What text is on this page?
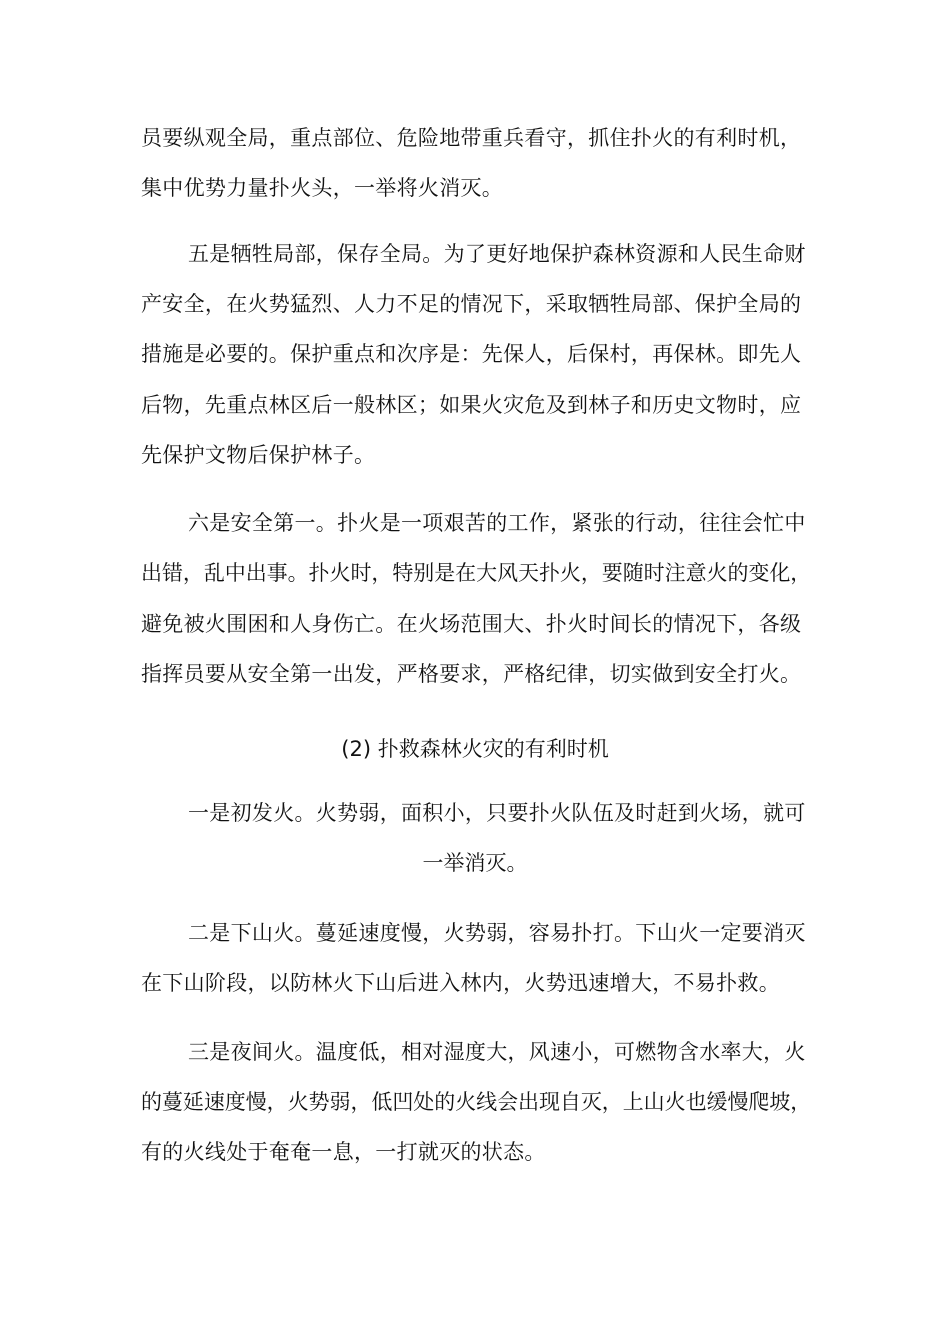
员要纵观全局，重点部位、危险地带重兵看守，抓住扑火的有利时机，
集中优势力量扑火头，一举将火消灭。
五是牺牲局部，保存全局。为了更好地保护森林资源和人民生命财
产安全，在火势猛烈、人力不足的情况下，采取牺牲局部、保护全局的
措施是必要的。保护重点和次序是：先保人，后保村，再保林。即先人
后物，先重点林区后一般林区；如果火灾危及到林子和历史文物时，应
先保护文物后保护林子。
六是安全第一。扑火是一项艰苦的工作，紧张的行动，往往会忙中
出错，乱中出事。扑火时，特别是在大风天扑火，要随时注意火的变化，
避免被火围困和人身伤亡。在火场范围大、扑火时间长的情况下，各级
指挥员要从安全第一出发，严格要求，严格纪律，切实做到安全打火。
(2) 扑救森林火灾的有利时机
一是初发火。火势弱，面积小，只要扑火队伍及时赶到火场，就可
一举消灭。
二是下山火。蔓延速度慢，火势弱，容易扑打。下山火一定要消灭
在下山阶段，以防林火下山后进入林内，火势迅速增大，不易扑救。
三是夜间火。温度低，相对湿度大，风速小，可燃物含水率大，火
的蔓延速度慢，火势弱，低凹处的火线会出现自灭，上山火也缓慢爬坡，
有的火线处于奄奄一息，一打就灭的状态。
